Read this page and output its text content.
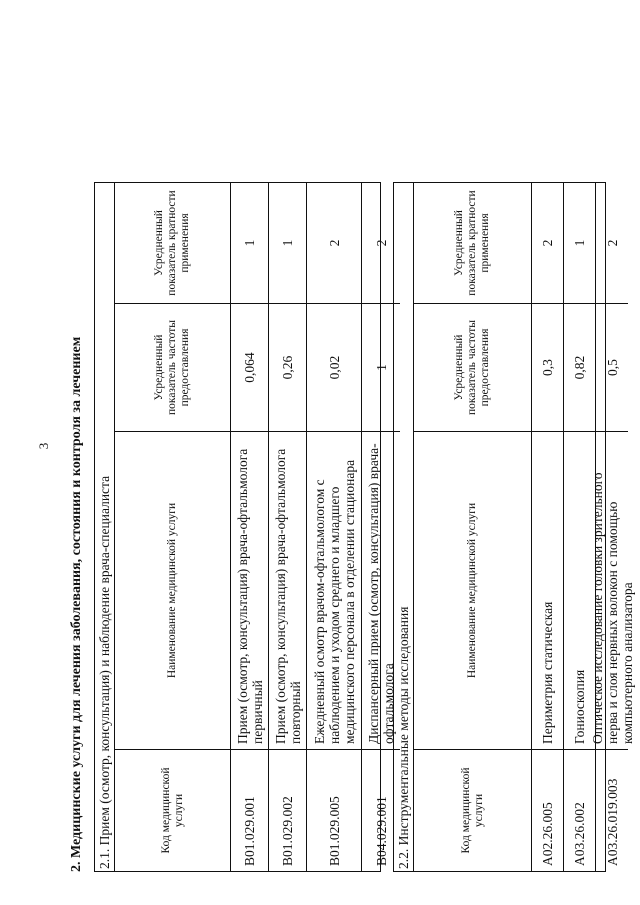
3 2. Медицинские услуги для лечения заболевания, состояния и контроля за лечением 2.1. Прием (осмотр, консультация) и наблюдение врача-специалиста	Код медицинской услуги
Наименование медицинской услуги
Усредненный показатель частоты предоставления
Усредненный показатель кратности применения
B01.029.001
Прием (осмотр, консультация) врача-офтальмолога первичный
0,064
1
B01.029.002
Прием (осмотр, консультация) врача-офтальмолога повторный
0,26
1
B01.029.005
Ежедневный осмотр врачом-офтальмологом с наблюдением и уходом среднего и младшего медицинского персонала в отделении стационара
0,02
2
B04.029.001
Диспансерный прием (осмотр, консультация) врача-офтальмолога
1
2
2.2. Инструментальные методы исследования	Код медицинской услуги
Наименование медицинской услуги
Усредненный показатель частоты предоставления
Усредненный показатель кратности применения
A02.26.005
Периметрия статическая
0,3
2
A03.26.002
Гониоскопия
0,82
1
A03.26.019.003
Оптическое исследование головки зрительного нерва и слоя нервных волокон с помощью компьютерного анализатора
0,5
2
